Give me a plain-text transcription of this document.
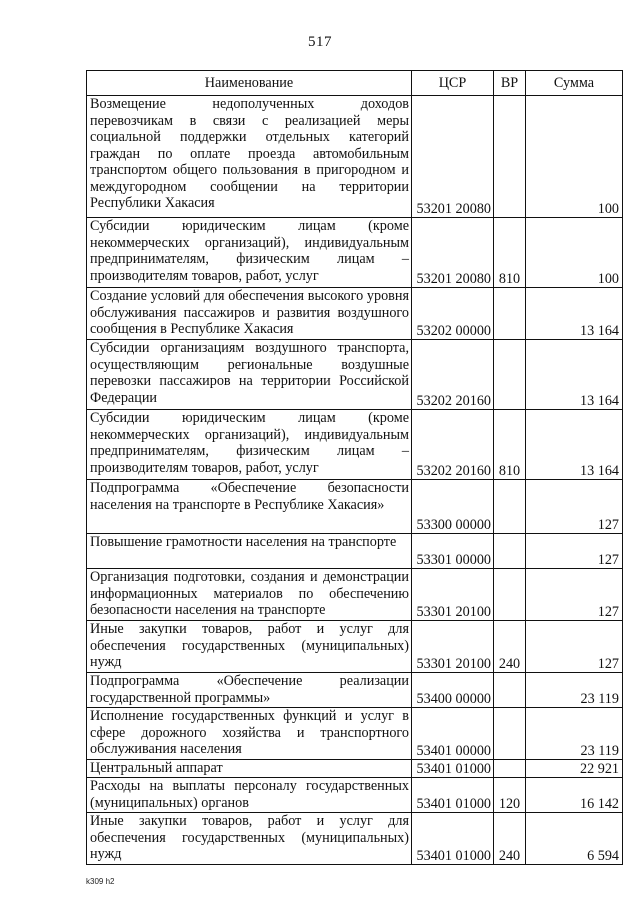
517
Наименование	ЦСР	ВР	Сумма
Возмещение недополученных доходов перевозчикам в связи с реализацией меры социальной поддержки отдельных категорий граждан по оплате проезда автомобильным транспортом общего пользования в пригородном и междугородном сообщении на территории Республики Хакасия	53201 20080		100
Субсидии юридическим лицам (кроме некоммерческих организаций), индивидуальным предпринимателям, физическим лицам – производителям товаров, работ, услуг	53201 20080	810	100
Создание условий для обеспечения высокого уровня обслуживания пассажиров и развития воздушного сообщения в Республике Хакасия	53202 00000		13 164
Субсидии организациям воздушного транспорта, осуществляющим региональные воздушные перевозки пассажиров на территории Российской Федерации	53202 20160		13 164
Субсидии юридическим лицам (кроме некоммерческих организаций), индивидуальным предпринимателям, физическим лицам – производителям товаров, работ, услуг	53202 20160	810	13 164
Подпрограмма «Обеспечение безопасности населения на транспорте в Республике Хакасия»	53300 00000		127
Повышение грамотности населения на транспорте	53301 00000		127
Организация подготовки, создания и демонстрации информационных материалов по обеспечению безопасности населения на транспорте	53301 20100		127
Иные закупки товаров, работ и услуг для обеспечения государственных (муниципальных) нужд	53301 20100	240	127
Подпрограмма «Обеспечение реализации государственной программы»	53400 00000		23 119
Исполнение государственных функций и услуг в сфере дорожного хозяйства и транспортного обслуживания населения	53401 00000		23 119
Центральный аппарат	53401 01000		22 921
Расходы на выплаты персоналу государственных (муниципальных) органов	53401 01000	120	16 142
Иные закупки товаров, работ и услуг для обеспечения государственных (муниципальных) нужд	53401 01000	240	6 594
k309 h2
